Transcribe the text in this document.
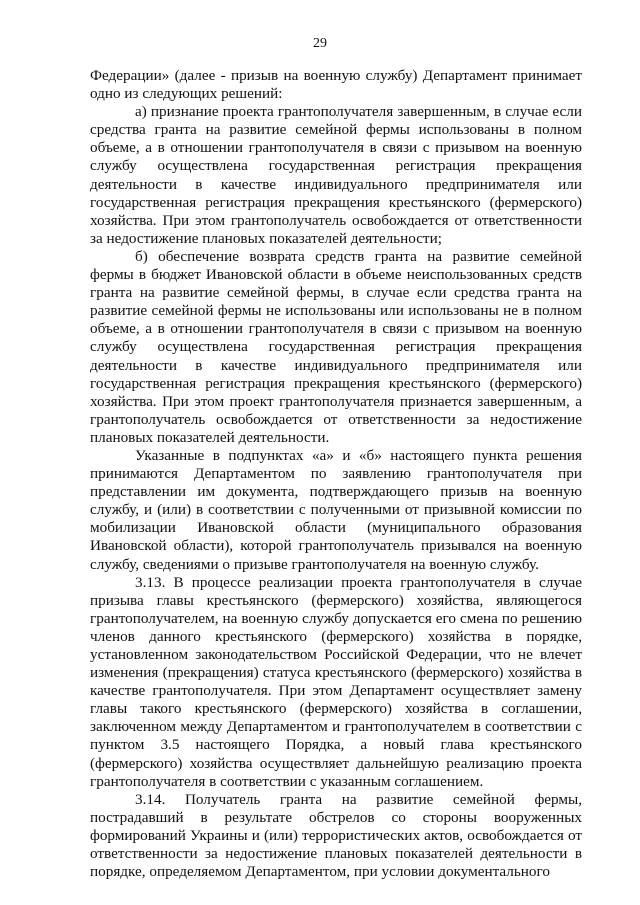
29

Федерации» (далее - призыв на военную службу) Департамент принимает одно из следующих решений:

а) признание проекта грантополучателя завершенным, в случае если средства гранта на развитие семейной фермы использованы в полном объеме, а в отношении грантополучателя в связи с призывом на военную службу осуществлена государственная регистрация прекращения деятельности в качестве индивидуального предпринимателя или государственная регистрация прекращения крестьянского (фермерского) хозяйства. При этом грантополучатель освобождается от ответственности за недостижение плановых показателей деятельности;

б) обеспечение возврата средств гранта на развитие семейной фермы в бюджет Ивановской области в объеме неиспользованных средств гранта на развитие семейной фермы, в случае если средства гранта на развитие семейной фермы не использованы или использованы не в полном объеме, а в отношении грантополучателя в связи с призывом на военную службу осуществлена государственная регистрация прекращения деятельности в качестве индивидуального предпринимателя или государственная регистрация прекращения крестьянского (фермерского) хозяйства. При этом проект грантополучателя признается завершенным, а грантополучатель освобождается от ответственности за недостижение плановых показателей деятельности.

Указанные в подпунктах «а» и «б» настоящего пункта решения принимаются Департаментом по заявлению грантополучателя при представлении им документа, подтверждающего призыв на военную службу, и (или) в соответствии с полученными от призывной комиссии по мобилизации Ивановской области (муниципального образования Ивановской области), которой грантополучатель призывался на военную службу, сведениями о призыве грантополучателя на военную службу.

3.13. В процессе реализации проекта грантополучателя в случае призыва главы крестьянского (фермерского) хозяйства, являющегося грантополучателем, на военную службу допускается его смена по решению членов данного крестьянского (фермерского) хозяйства в порядке, установленном законодательством Российской Федерации, что не влечет изменения (прекращения) статуса крестьянского (фермерского) хозяйства в качестве грантополучателя. При этом Департамент осуществляет замену главы такого крестьянского (фермерского) хозяйства в соглашении, заключенном между Департаментом и грантополучателем в соответствии с пунктом 3.5 настоящего Порядка, а новый глава крестьянского (фермерского) хозяйства осуществляет дальнейшую реализацию проекта грантополучателя в соответствии с указанным соглашением.

3.14. Получатель гранта на развитие семейной фермы, пострадавший в результате обстрелов со стороны вооруженных формирований Украины и (или) террористических актов, освобождается от ответственности за недостижение плановых показателей деятельности в порядке, определяемом Департаментом, при условии документального
